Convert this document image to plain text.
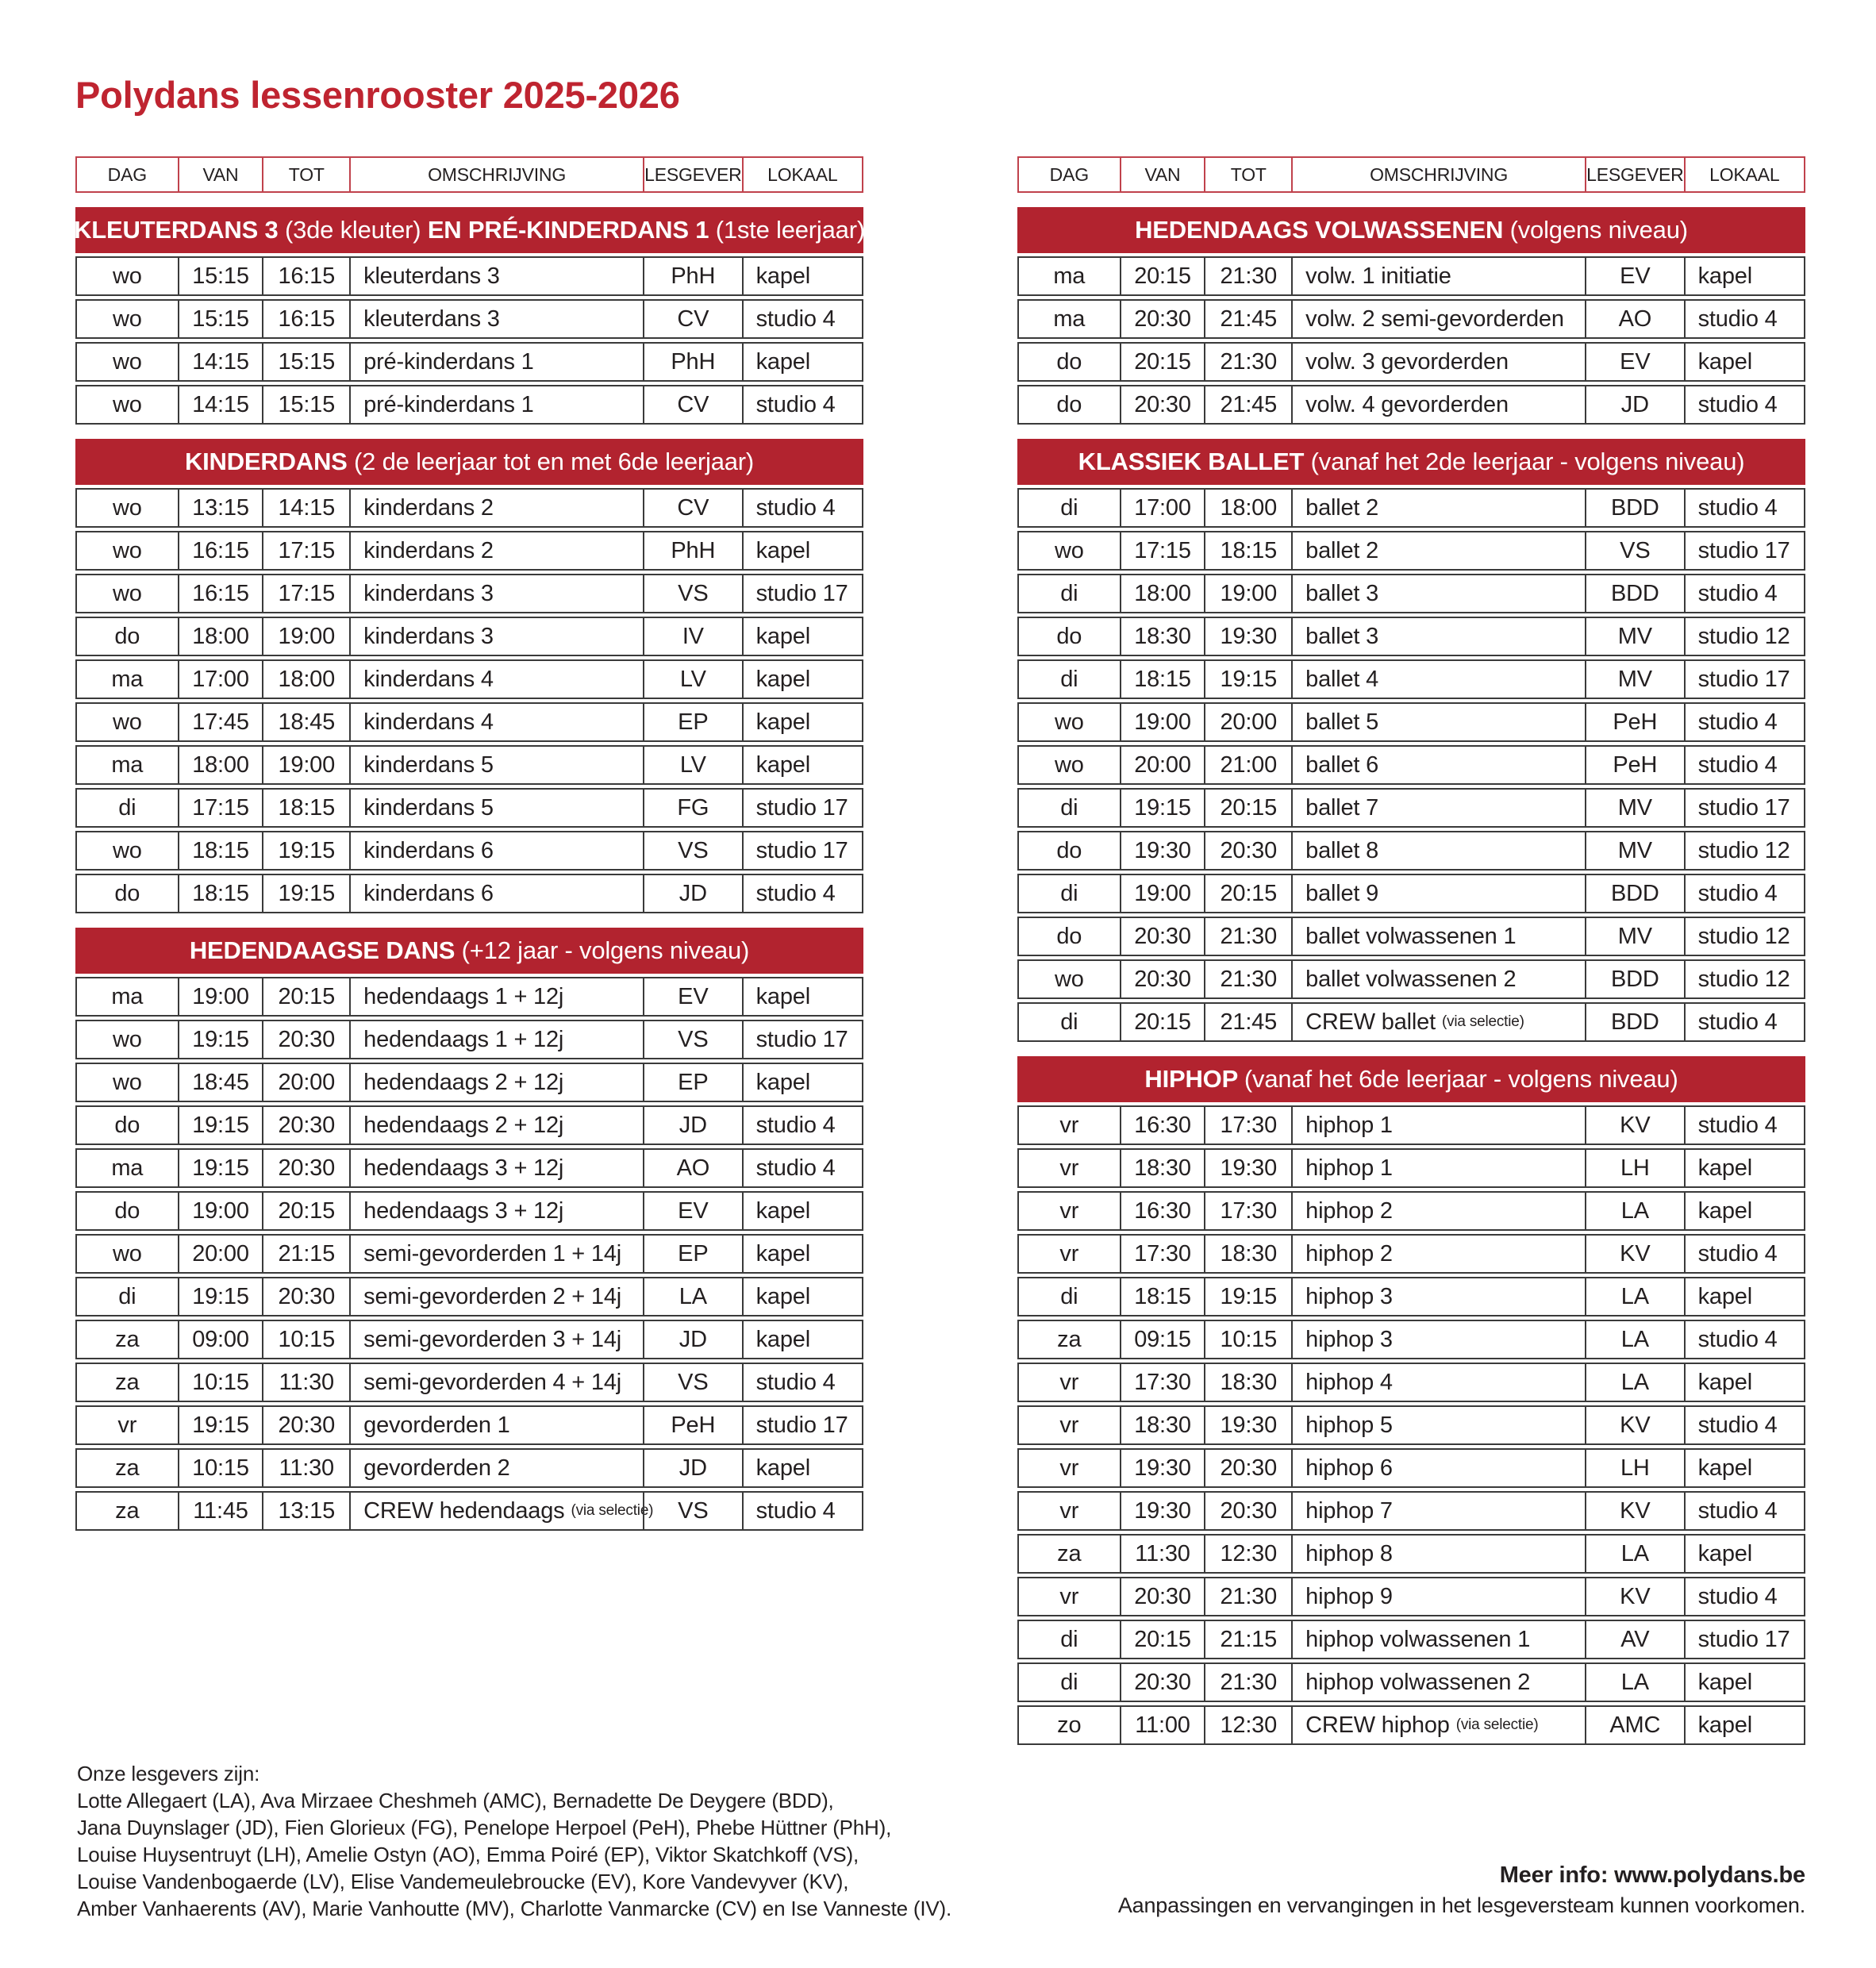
Polydans lessenrooster 2025-2026
DAG	VAN	TOT	OMSCHRIJVING	LESGEVER	LOKAAL
KLEUTERDANS 3 (3de kleuter) EN PRÉ-KINDERDANS 1 (1ste leerjaar)
wo	15:15	16:15	kleuterdans 3	PhH	kapel
wo	15:15	16:15	kleuterdans 3	CV	studio 4
wo	14:15	15:15	pré-kinderdans 1	PhH	kapel
wo	14:15	15:15	pré-kinderdans 1	CV	studio 4
KINDERDANS (2 de leerjaar tot en met 6de leerjaar)
wo	13:15	14:15	kinderdans 2	CV	studio 4
wo	16:15	17:15	kinderdans 2	PhH	kapel
wo	16:15	17:15	kinderdans 3	VS	studio 17
do	18:00	19:00	kinderdans 3	IV	kapel
ma	17:00	18:00	kinderdans 4	LV	kapel
wo	17:45	18:45	kinderdans 4	EP	kapel
ma	18:00	19:00	kinderdans 5	LV	kapel
di	17:15	18:15	kinderdans 5	FG	studio 17
wo	18:15	19:15	kinderdans 6	VS	studio 17
do	18:15	19:15	kinderdans 6	JD	studio 4
HEDENDAAGSE DANS (+12 jaar - volgens niveau)
ma	19:00	20:15	hedendaags 1 + 12j	EV	kapel
wo	19:15	20:30	hedendaags 1 + 12j	VS	studio 17
wo	18:45	20:00	hedendaags 2 + 12j	EP	kapel
do	19:15	20:30	hedendaags 2 + 12j	JD	studio 4
ma	19:15	20:30	hedendaags 3 + 12j	AO	studio 4
do	19:00	20:15	hedendaags 3 + 12j	EV	kapel
wo	20:00	21:15	semi-gevorderden 1 + 14j	EP	kapel
di	19:15	20:30	semi-gevorderden 2 + 14j	LA	kapel
za	09:00	10:15	semi-gevorderden 3 + 14j	JD	kapel
za	10:15	11:30	semi-gevorderden 4 + 14j	VS	studio 4
vr	19:15	20:30	gevorderden 1	PeH	studio 17
za	10:15	11:30	gevorderden 2	JD	kapel
za	11:45	13:15	CREW hedendaags (via selectie)	VS	studio 4
DAG	VAN	TOT	OMSCHRIJVING	LESGEVER	LOKAAL
HEDENDAAGS VOLWASSENEN (volgens niveau)
ma	20:15	21:30	volw. 1 initiatie	EV	kapel
ma	20:30	21:45	volw. 2 semi-gevorderden	AO	studio 4
do	20:15	21:30	volw. 3 gevorderden	EV	kapel
do	20:30	21:45	volw. 4 gevorderden	JD	studio 4
KLASSIEK BALLET (vanaf het 2de leerjaar - volgens niveau)
di	17:00	18:00	ballet 2	BDD	studio 4
wo	17:15	18:15	ballet 2	VS	studio 17
di	18:00	19:00	ballet 3	BDD	studio 4
do	18:30	19:30	ballet 3	MV	studio 12
di	18:15	19:15	ballet 4	MV	studio 17
wo	19:00	20:00	ballet 5	PeH	studio 4
wo	20:00	21:00	ballet 6	PeH	studio 4
di	19:15	20:15	ballet 7	MV	studio 17
do	19:30	20:30	ballet 8	MV	studio 12
di	19:00	20:15	ballet 9	BDD	studio 4
do	20:30	21:30	ballet volwassenen 1	MV	studio 12
wo	20:30	21:30	ballet volwassenen 2	BDD	studio 12
di	20:15	21:45	CREW ballet (via selectie)	BDD	studio 4
HIPHOP (vanaf het 6de leerjaar - volgens niveau)
vr	16:30	17:30	hiphop 1	KV	studio 4
vr	18:30	19:30	hiphop 1	LH	kapel
vr	16:30	17:30	hiphop 2	LA	kapel
vr	17:30	18:30	hiphop 2	KV	studio 4
di	18:15	19:15	hiphop 3	LA	kapel
za	09:15	10:15	hiphop 3	LA	studio 4
vr	17:30	18:30	hiphop 4	LA	kapel
vr	18:30	19:30	hiphop 5	KV	studio 4
vr	19:30	20:30	hiphop 6	LH	kapel
vr	19:30	20:30	hiphop 7	KV	studio 4
za	11:30	12:30	hiphop 8	LA	kapel
vr	20:30	21:30	hiphop 9	KV	studio 4
di	20:15	21:15	hiphop volwassenen 1	AV	studio 17
di	20:30	21:30	hiphop volwassenen 2	LA	kapel
zo	11:00	12:30	CREW hiphop (via selectie)	AMC	kapel
Onze lesgevers zijn:
Lotte Allegaert (LA), Ava Mirzaee Cheshmeh (AMC), Bernadette De Deygere (BDD),
Jana Duynslager (JD), Fien Glorieux (FG), Penelope Herpoel (PeH), Phebe Hüttner (PhH),
Louise Huysentruyt (LH), Amelie Ostyn (AO), Emma Poiré (EP), Viktor Skatchkoff (VS),
Louise Vandenbogaerde (LV), Elise Vandemeulebroucke (EV), Kore Vandevyver (KV),
Amber Vanhaerents (AV), Marie Vanhoutte (MV), Charlotte Vanmarcke (CV) en Ise Vanneste (IV).
Meer info: www.polydans.be
Aanpassingen en vervangingen in het lesgeversteam kunnen voorkomen.
